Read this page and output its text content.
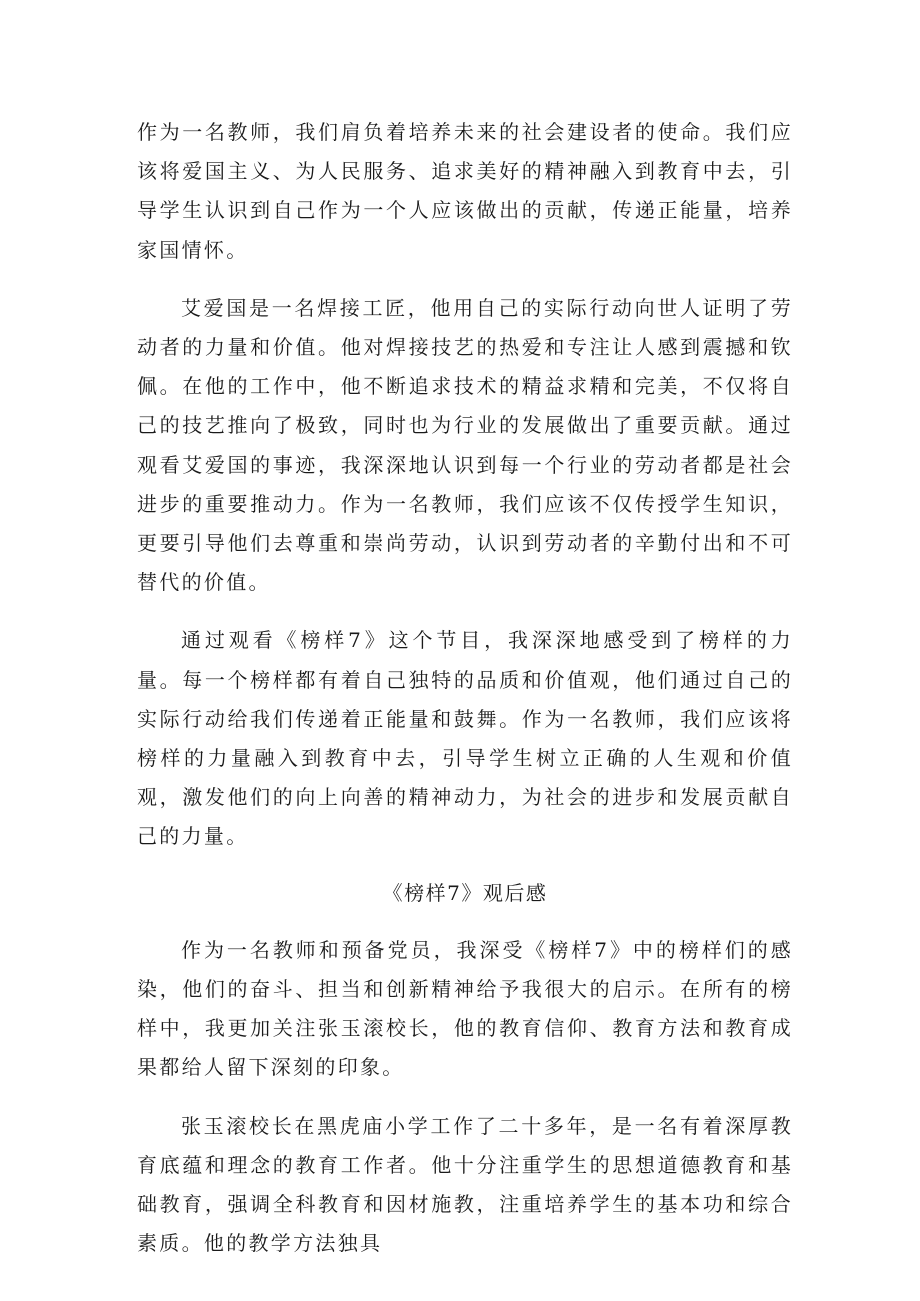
作为一名教师，我们肩负着培养未来的社会建设者的使命。我们应该将爱国主义、为人民服务、追求美好的精神融入到教育中去，引导学生认识到自己作为一个人应该做出的贡献，传递正能量，培养家国情怀。

艾爱国是一名焊接工匠，他用自己的实际行动向世人证明了劳动者的力量和价值。他对焊接技艺的热爱和专注让人感到震撼和钦佩。在他的工作中，他不断追求技术的精益求精和完美，不仅将自己的技艺推向了极致，同时也为行业的发展做出了重要贡献。通过观看艾爱国的事迹，我深深地认识到每一个行业的劳动者都是社会进步的重要推动力。作为一名教师，我们应该不仅传授学生知识，更要引导他们去尊重和崇尚劳动，认识到劳动者的辛勤付出和不可替代的价值。

通过观看《榜样7》这个节目，我深深地感受到了榜样的力量。每一个榜样都有着自己独特的品质和价值观，他们通过自己的实际行动给我们传递着正能量和鼓舞。作为一名教师，我们应该将榜样的力量融入到教育中去，引导学生树立正确的人生观和价值观，激发他们的向上向善的精神动力，为社会的进步和发展贡献自己的力量。

《榜样7》观后感

作为一名教师和预备党员，我深受《榜样7》中的榜样们的感染，他们的奋斗、担当和创新精神给予我很大的启示。在所有的榜样中，我更加关注张玉滚校长，他的教育信仰、教育方法和教育成果都给人留下深刻的印象。

张玉滚校长在黑虎庙小学工作了二十多年，是一名有着深厚教育底蕴和理念的教育工作者。他十分注重学生的思想道德教育和基础教育，强调全科教育和因材施教，注重培养学生的基本功和综合素质。他的教学方法独具
